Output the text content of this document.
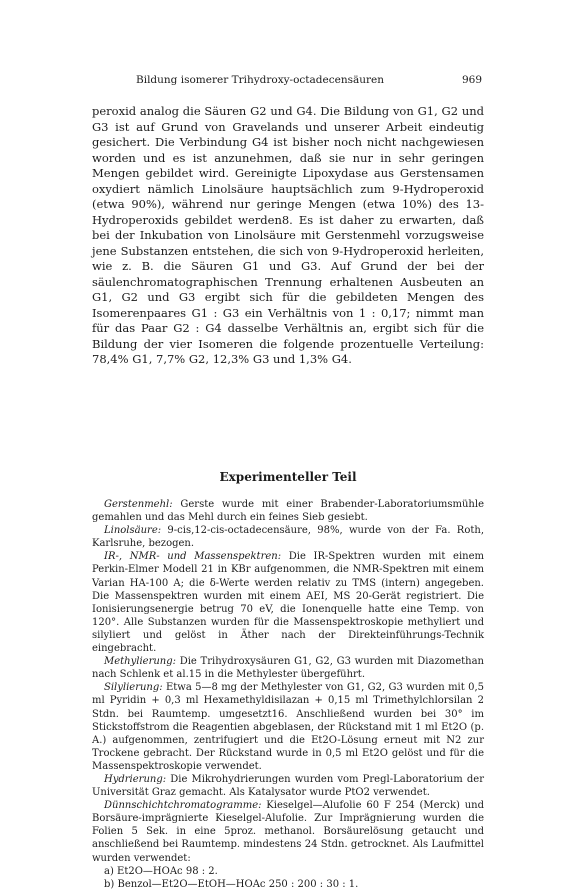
Bildung isomerer Trihydroxy-octadecensäuren	969

peroxid analog die Säuren G2 und G4. Die Bildung von G1, G2 und G3 ist auf Grund von Gravelands und unserer Arbeit eindeutig gesichert. Die Verbindung G4 ist bisher noch nicht nachgewiesen worden und es ist anzunehmen, daß sie nur in sehr geringen Mengen gebildet wird. Gereinigte Lipoxydase aus Gerstensamen oxydiert nämlich Linolsäure hauptsächlich zum 9-Hydroperoxid (etwa 90%), während nur geringe Mengen (etwa 10%) des 13-Hydroperoxids gebildet werden8. Es ist daher zu erwarten, daß bei der Inkubation von Linolsäure mit Gerstenmehl vorzugsweise jene Substanzen entstehen, die sich von 9-Hydroperoxid herleiten, wie z. B. die Säuren G1 und G3. Auf Grund der bei der säulenchromatographischen Trennung erhaltenen Ausbeuten an G1, G2 und G3 ergibt sich für die gebildeten Mengen des Isomerenpaares G1 : G3 ein Verhältnis von 1 : 0,17; nimmt man für das Paar G2 : G4 dasselbe Verhältnis an, ergibt sich für die Bildung der vier Isomeren die folgende prozentuelle Verteilung: 78,4% G1, 7,7% G2, 12,3% G3 und 1,3% G4.

Experimenteller Teil

Gerstenmehl: Gerste wurde mit einer Brabender-Laboratoriumsmühle gemahlen und das Mehl durch ein feines Sieb gesiebt.

Linolsäure: 9-cis,12-cis-octadecensäure, 98%, wurde von der Fa. Roth, Karlsruhe, bezogen.

IR-, NMR- und Massenspektren: Die IR-Spektren wurden mit einem Perkin-Elmer Modell 21 in KBr aufgenommen, die NMR-Spektren mit einem Varian HA-100 A; die δ-Werte werden relativ zu TMS (intern) angegeben. Die Massenspektren wurden mit einem AEI, MS 20-Gerät registriert. Die Ionisierungsenergie betrug 70 eV, die Ionenquelle hatte eine Temp. von 120°. Alle Substanzen wurden für die Massenspektroskopie methyliert und silyliert und gelöst in Äther nach der Direkteinführungs-Technik eingebracht.

Methylierung: Die Trihydroxysäuren G1, G2, G3 wurden mit Diazomethan nach Schlenk et al.15 in die Methylester übergeführt.

Silylierung: Etwa 5—8 mg der Methylester von G1, G2, G3 wurden mit 0,5 ml Pyridin + 0,3 ml Hexamethyldisilazan + 0,15 ml Trimethylchlorsilan 2 Stdn. bei Raumtemp. umgesetzt16. Anschließend wurden bei 30° im Stickstoffstrom die Reagentien abgeblasen, der Rückstand mit 1 ml Et2O (p. A.) aufgenommen, zentrifugiert und die Et2O-Lösung erneut mit N2 zur Trockene gebracht. Der Rückstand wurde in 0,5 ml Et2O gelöst und für die Massenspektroskopie verwendet.

Hydrierung: Die Mikrohydrierungen wurden vom Pregl-Laboratorium der Universität Graz gemacht. Als Katalysator wurde PtO2 verwendet.

Dünnschichtchromatogramme: Kieselgel—Alufolie 60 F 254 (Merck) und Borsäure-imprägnierte Kieselgel-Alufolie. Zur Imprägnierung wurden die Folien 5 Sek. in eine 5proz. methanol. Borsäurelösung getaucht und anschließend bei Raumtemp. mindestens 24 Stdn. getrocknet. Als Laufmittel wurden verwendet:

a) Et2O—HOAc 98 : 2.

b) Benzol—Et2O—EtOH—HOAc 250 : 200 : 30 : 1.
